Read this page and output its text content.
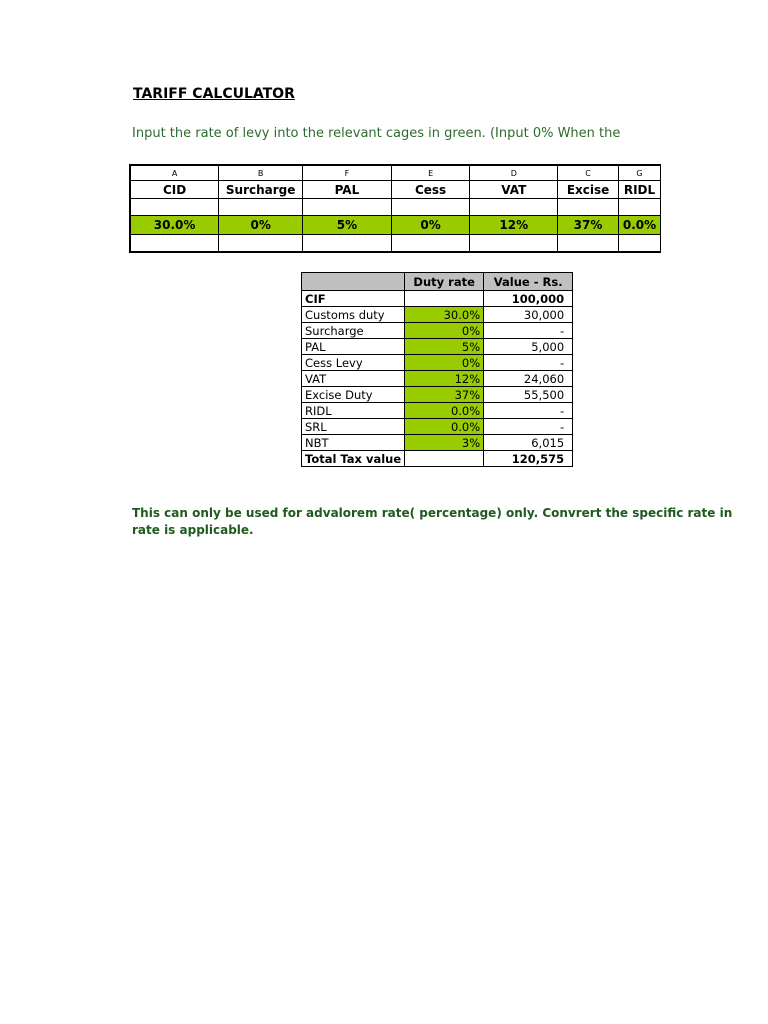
TARIFF CALCULATOR
Input the rate of levy into the relevant cages in green. (Input 0% When the
A	B	F	E	D	C	G
CID	Surcharge	PAL	Cess	VAT	Excise	RIDL

30.0%	0%	5%	0%	12%	37%	0.0%

	Duty rate	Value - Rs.
CIF		100,000
Customs duty	30.0%	30,000
Surcharge	0%	-
PAL	5%	5,000
Cess Levy	0%	-
VAT	12%	24,060
Excise Duty	37%	55,500
RIDL	0.0%	-
SRL	0.0%	-
NBT	3%	6,015
Total Tax value		120,575
This can only be used for advalorem rate( percentage) only. Convrert the specific rate in
rate is applicable.
